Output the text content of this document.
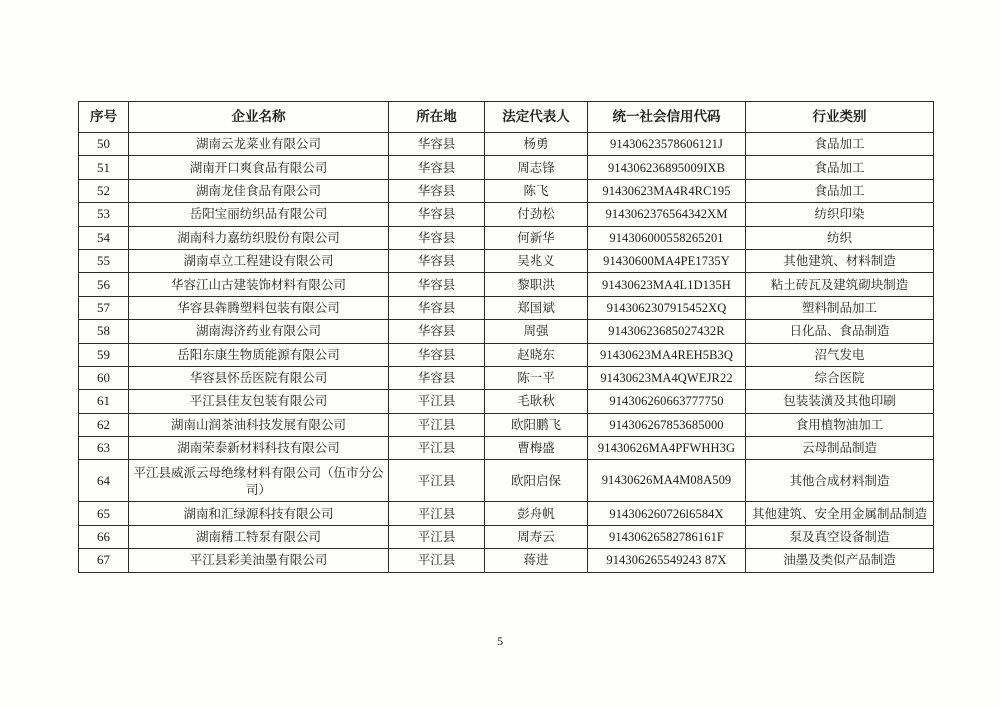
序号	企业名称	所在地	法定代表人	统一社会信用代码	行业类别
50	湖南云龙菜业有限公司	华容县	杨勇	91430623578606121J	食品加工
51	湖南开口爽食品有限公司	华容县	周志锋	914306236895009IXB	食品加工
52	湖南龙佳食品有限公司	华容县	陈飞	91430623MA4R4RC195	食品加工
53	岳阳宝丽纺织品有限公司	华容县	付劲松	9143062376564342XM	纺织印染
54	湖南科力嘉纺织股份有限公司	华容县	何新华	914306000558265201	纺织
55	湖南卓立工程建设有限公司	华容县	吴兆义	91430600MA4PE1735Y	其他建筑、材料制造
56	华容江山古建装饰材料有限公司	华容县	黎职洪	91430623MA4L1D135H	粘土砖瓦及建筑砌块制造
57	华容县犇腾塑料包装有限公司	华容县	郑国斌	9143062307915452XQ	塑料制品加工
58	湖南海济药业有限公司	华容县	周强	91430623685027432R	日化品、食品制造
59	岳阳东康生物质能源有限公司	华容县	赵晓东	91430623MA4REH5B3Q	沼气发电
60	华容县怀岳医院有限公司	华容县	陈一平	91430623MA4QWEJR22	综合医院
61	平江县佳友包装有限公司	平江县	毛耿秋	914306260663777750	包装装潢及其他印刷
62	湖南山润茶油科技发展有限公司	平江县	欧阳鹏飞	914306267853685000	食用植物油加工
63	湖南荣泰新材料科技有限公司	平江县	曹梅盛	91430626MA4PFWHH3G	云母制品制造
64	平江县威派云母绝缘材料有限公司（伍市分公司）	平江县	欧阳启保	91430626MA4M08A509	其他合成材料制造
65	湖南和汇绿源科技有限公司	平江县	彭舟帆	914306260726l6584X	其他建筑、安全用金属制品制造
66	湖南精工特泵有限公司	平江县	周寿云	91430626582786161F	泵及真空设备制造
67	平江县彩美油墨有限公司	平江县	蒋进	914306265549243 87X	油墨及类似产品制造
5
